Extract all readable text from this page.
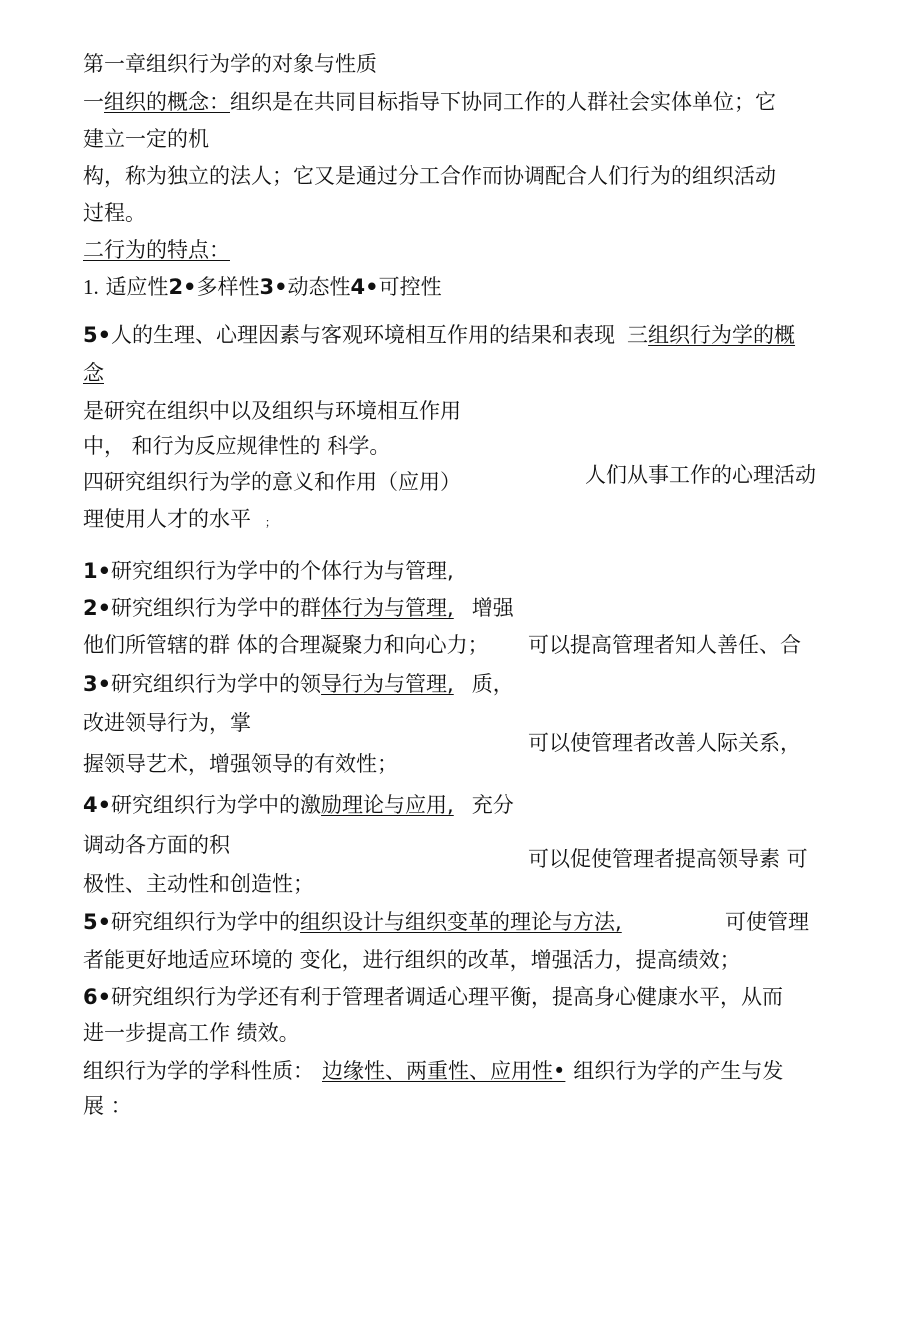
第一章组织行为学的对象与性质
一组织的概念：组织是在共同目标指导下协同工作的人群社会实体单位；它
建立一定的机
构，称为独立的法人；它又是通过分工合作而协调配合人们行为的组织活动
过程。
二行为的特点：
1. 适应性2•多样性3•动态性4•可控性
5•人的生理、心理因素与客观环境相互作用的结果和表现 三组织行为学的概
念
是研究在组织中以及组织与环境相互作用
中， 和行为反应规律性的 科学。
人们从事工作的心理活动
四研究组织行为学的意义和作用（应用）
理使用人才的水平 ；
1•研究组织行为学中的个体行为与管理,
2•研究组织行为学中的群体行为与管理, 增强
他们所管辖的群 体的合理凝聚力和向心力； 可以提高管理者知人善任、合
3•研究组织行为学中的领导行为与管理, 质，
改进领导行为，掌
可以使管理者改善人际关系，
握领导艺术，增强领导的有效性；
4•研究组织行为学中的激励理论与应用, 充分
调动各方面的积
可以促使管理者提高领导素 可
极性、主动性和创造性；
5•研究组织行为学中的组织设计与组织变革的理论与方法,	可使管理
者能更好地适应环境的 变化，进行组织的改革，增强活力，提高绩效；
6•研究组织行为学还有利于管理者调适心理平衡，提高身心健康水平，从而
进一步提高工作 绩效。
组织行为学的学科性质： 边缘性、两重性、应用性• 组织行为学的产生与发
展 ：
